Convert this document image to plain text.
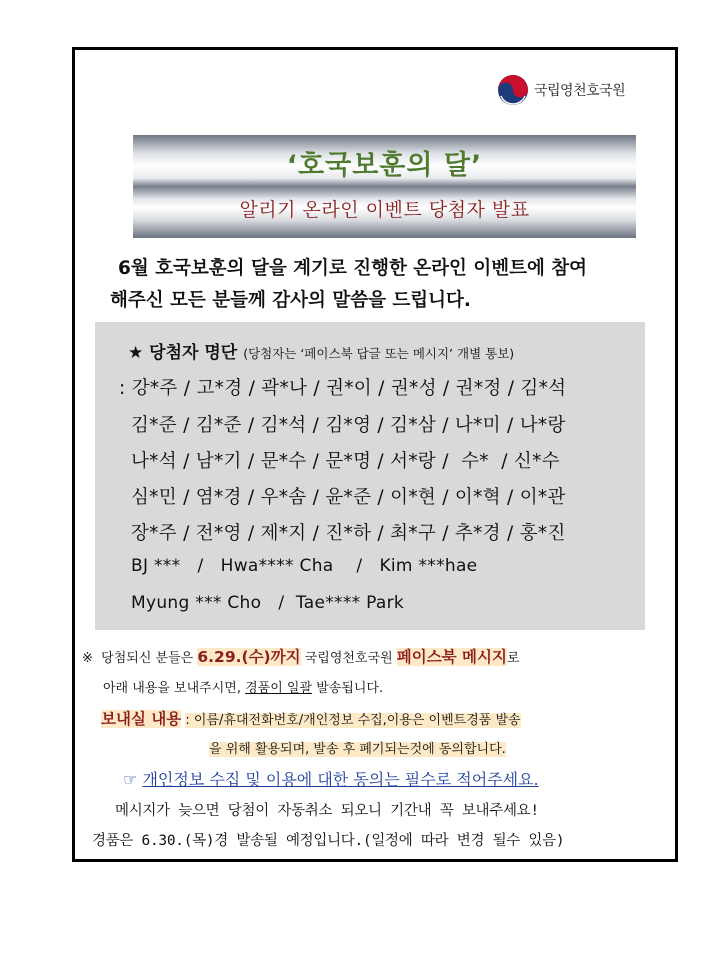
국립영천호국원
‘호국보훈의 달’
알리기 온라인 이벤트 당첨자 발표
6월 호국보훈의 달을 계기로 진행한 온라인 이벤트에 참여
해주신 모든 분들께 감사의 말씀을 드립니다.
★ 당첨자 명단 (당첨자는 ‘페이스북 답글 또는 메시지’ 개별 통보)
: 강*주 / 고*경 / 곽*나 / 권*이 / 권*성 / 권*정 / 김*석
김*준 / 김*준 / 김*석 / 김*영 / 김*삼 / 나*미 / 나*랑
나*석 / 남*기 / 문*수 / 문*명 / 서*랑 /  수*  / 신*수
심*민 / 염*경 / 우*솜 / 윤*준 / 이*현 / 이*혁 / 이*관
장*주 / 전*영 / 제*지 / 진*하 / 최*구 / 추*경 / 홍*진
BJ ***   /   Hwa**** Cha    /   Kim ***hae
Myung *** Cho   /  Tae**** Park
※ 당첨되신 분들은 6.29.(수)까지 국립영천호국원 페이스북 메시지로
아래 내용을 보내주시면, 경품이 일괄 발송됩니다.
보내실 내용 : 이름/휴대전화번호/개인정보 수집,이용은 이벤트경품 발송
을 위해 활용되며, 발송 후 폐기되는것에 동의합니다.
☞ 개인정보 수집 및 이용에 대한 동의는 필수로 적어주세요.
메시지가 늦으면 당첨이 자동취소 되오니 기간내 꼭 보내주세요!
경품은 6.30.(목)경 발송될 예정입니다.(일정에 따라 변경 될수 있음)
